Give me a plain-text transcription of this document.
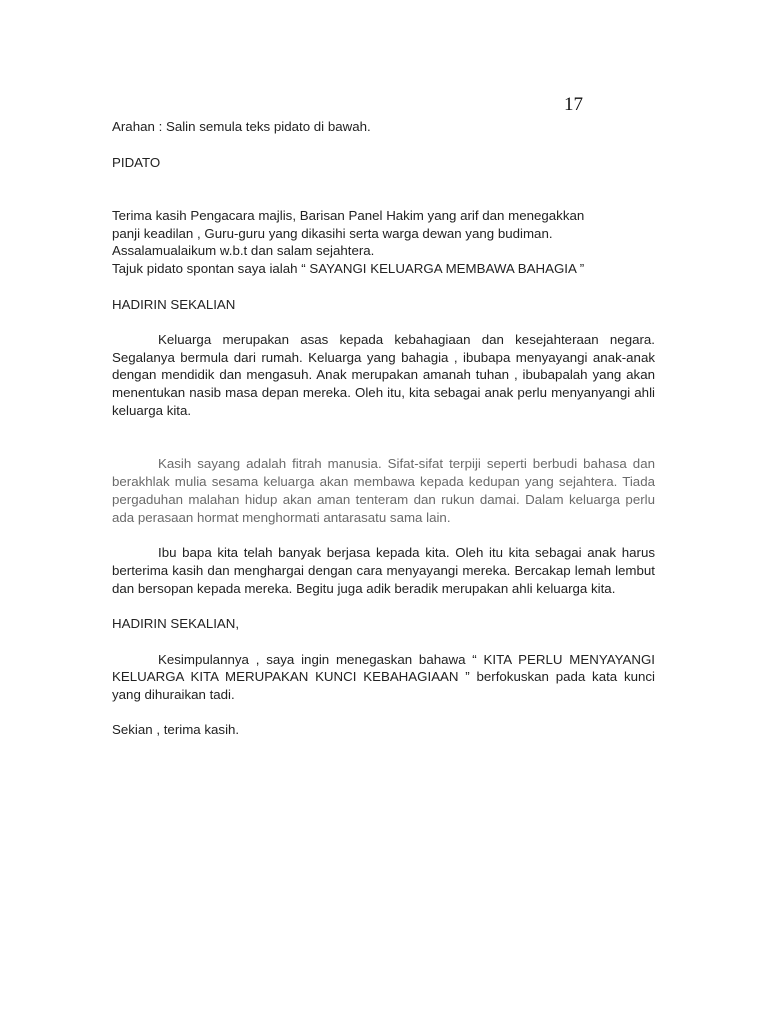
17

Arahan : Salin semula teks pidato di bawah.

PIDATO

Terima kasih Pengacara majlis, Barisan Panel Hakim yang arif dan menegakkan

panji keadilan , Guru-guru yang dikasihi serta warga dewan yang budiman.

Assalamualaikum w.b.t dan salam sejahtera.

Tajuk pidato spontan saya ialah “ SAYANGI KELUARGA MEMBAWA BAHAGIA ”

HADIRIN SEKALIAN

Keluarga merupakan asas kepada kebahagiaan dan kesejahteraan negara. Segalanya bermula dari rumah. Keluarga yang bahagia , ibubapa menyayangi anak-anak dengan mendidik dan mengasuh. Anak merupakan amanah tuhan , ibubapalah yang akan menentukan nasib masa depan mereka. Oleh itu, kita sebagai anak perlu menyanyangi ahli keluarga kita.

Kasih sayang adalah fitrah manusia. Sifat-sifat terpiji seperti berbudi bahasa dan berakhlak mulia sesama keluarga akan membawa kepada kedupan yang sejahtera. Tiada pergaduhan malahan hidup akan aman tenteram dan rukun damai. Dalam keluarga perlu ada perasaan hormat menghormati antarasatu sama lain.

Ibu bapa kita telah banyak berjasa kepada kita. Oleh itu kita sebagai anak harus berterima kasih dan menghargai dengan cara menyayangi mereka. Bercakap lemah lembut dan bersopan kepada mereka. Begitu juga adik beradik merupakan ahli keluarga kita.

HADIRIN SEKALIAN,

Kesimpulannya , saya ingin menegaskan bahawa “ KITA PERLU MENYAYANGI KELUARGA KITA MERUPAKAN KUNCI KEBAHAGIAAN ” berfokuskan pada kata kunci yang dihuraikan tadi.

Sekian , terima kasih.
